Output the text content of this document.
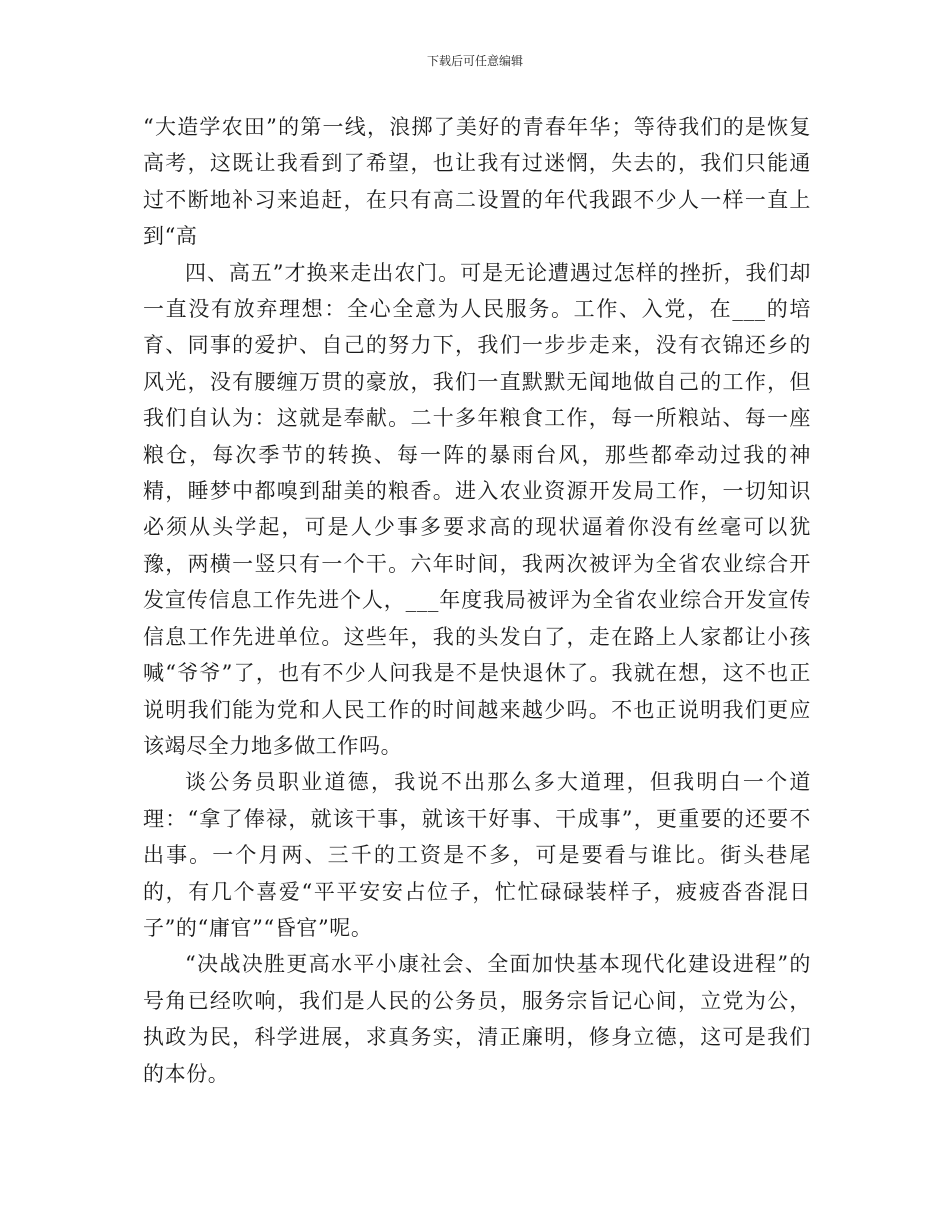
下载后可任意编辑

“大造学农田”的第一线，浪掷了美好的青春年华；等待我们的是恢复高考，这既让我看到了希望，也让我有过迷惘，失去的，我们只能通过不断地补习来追赶，在只有高二设置的年代我跟不少人一样一直上到“高

四、高五”才换来走出农门。可是无论遭遇过怎样的挫折，我们却一直没有放弃理想：全心全意为人民服务。工作、入党，在___的培育、同事的爱护、自己的努力下，我们一步步走来，没有衣锦还乡的风光，没有腰缠万贯的豪放，我们一直默默无闻地做自己的工作，但我们自认为：这就是奉献。二十多年粮食工作，每一所粮站、每一座粮仓，每次季节的转换、每一阵的暴雨台风，那些都牵动过我的神精，睡梦中都嗅到甜美的粮香。进入农业资源开发局工作，一切知识必须从头学起，可是人少事多要求高的现状逼着你没有丝毫可以犹豫，两横一竖只有一个干。六年时间，我两次被评为全省农业综合开发宣传信息工作先进个人，___年度我局被评为全省农业综合开发宣传信息工作先进单位。这些年，我的头发白了，走在路上人家都让小孩喊“爷爷”了，也有不少人问我是不是快退休了。我就在想，这不也正说明我们能为党和人民工作的时间越来越少吗。不也正说明我们更应该竭尽全力地多做工作吗。

谈公务员职业道德，我说不出那么多大道理，但我明白一个道理：“拿了俸禄，就该干事，就该干好事、干成事”，更重要的还要不出事。一个月两、三千的工资是不多，可是要看与谁比。街头巷尾的，有几个喜爱“平平安安占位子，忙忙碌碌装样子，疲疲沓沓混日子”的“庸官”“昏官”呢。

“决战决胜更高水平小康社会、全面加快基本现代化建设进程”的号角已经吹响，我们是人民的公务员，服务宗旨记心间，立党为公，执政为民，科学进展，求真务实，清正廉明，修身立德，这可是我们的本份。
